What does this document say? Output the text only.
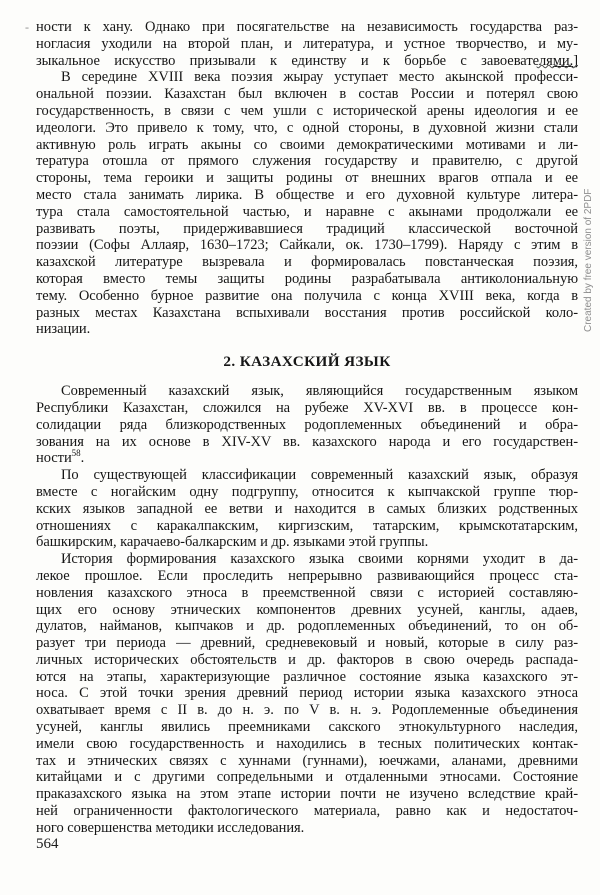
- ности к хану. Однако при посягательстве на независимость государства раз-
ногласия уходили на второй план, и литература, и устное творчество, и му-
зыкальное искусство призывали к единству и к борьбе с завоевателями.]
В середине XVIII века поэзия жырау уступает место акынской професси-
ональной поэзии. Казахстан был включен в состав России и потерял свою
государственность, в связи с чем ушли с исторической арены идеология и ее
идеологи. Это привело к тому, что, с одной стороны, в духовной жизни стали
активную роль играть акыны со своими демократическими мотивами и ли-
тература отошла от прямого служения государству и правителю, с другой
стороны, тема героики и защиты родины от внешних врагов отпала и ее
место стала занимать лирика. В обществе и его духовной культуре литера-
тура стала самостоятельной частью, и наравне с акынами продолжали ее
развивать поэты, придерживавшиеся традиций классической восточной
поэзии (Софы Аллаяр, 1630–1723; Сайкали, ок. 1730–1799). Наряду с этим в
казахской литературе вызревала и формировалась повстанческая поэзия,
которая вместо темы защиты родины разрабатывала антиколониальную
тему. Особенно бурное развитие она получила с конца XVIII века, когда в
разных местах Казахстана вспыхивали восстания против российской коло-
низации.
2. КАЗАХСКИЙ ЯЗЫК
Современный казахский язык, являющийся государственным языком
Республики Казахстан, сложился на рубеже XV-XVI вв. в процессе кон-
солидации ряда близкородственных родоплеменных объединений и обра-
зования на их основе в XIV-XV вв. казахского народа и его государствен-
ности$^{58}$.
По существующей классификации современный казахский язык, образуя
вместе с ногайским одну подгруппу, относится к кыпчакской группе тюр-
кских языков западной ее ветви и находится в самых близких родственных
отношениях с каракалпакским, киргизским, татарским, крымскотатарским,
башкирским, карачаево-балкарским и др. языками этой группы.
История формирования казахского языка своими корнями уходит в да-
лекое прошлое. Если проследить непрерывно развивающийся процесс ста-
новления казахского этноса в преемственной связи с историей составляю-
щих его основу этнических компонентов древних усуней, канглы, адаев,
дулатов, найманов, кыпчаков и др. родоплеменных объединений, то он об-
разует три периода — древний, средневековый и новый, которые в силу раз-
личных исторических обстоятельств и др. факторов в свою очередь распада-
ются на этапы, характеризующие различное состояние языка казахского эт-
носа. С этой точки зрения древний период истории языка казахского этноса
охватывает время с II в. до н. э. по V в. н. э. Родоплеменные объединения
усуней, канглы явились преемниками сакского этнокультурного наследия,
имели свою государственность и находились в тесных политических контак-
тах и этнических связях с хуннами (гуннами), юечжами, аланами, древними
китайцами и с другими сопредельными и отдаленными этносами. Состояние
праказахского языка на этом этапе истории почти не изучено вследствие край-
ней ограниченности фактологического материала, равно как и недостаточ-
ного совершенства методики исследования.
Created by free version of 2PDF
564
